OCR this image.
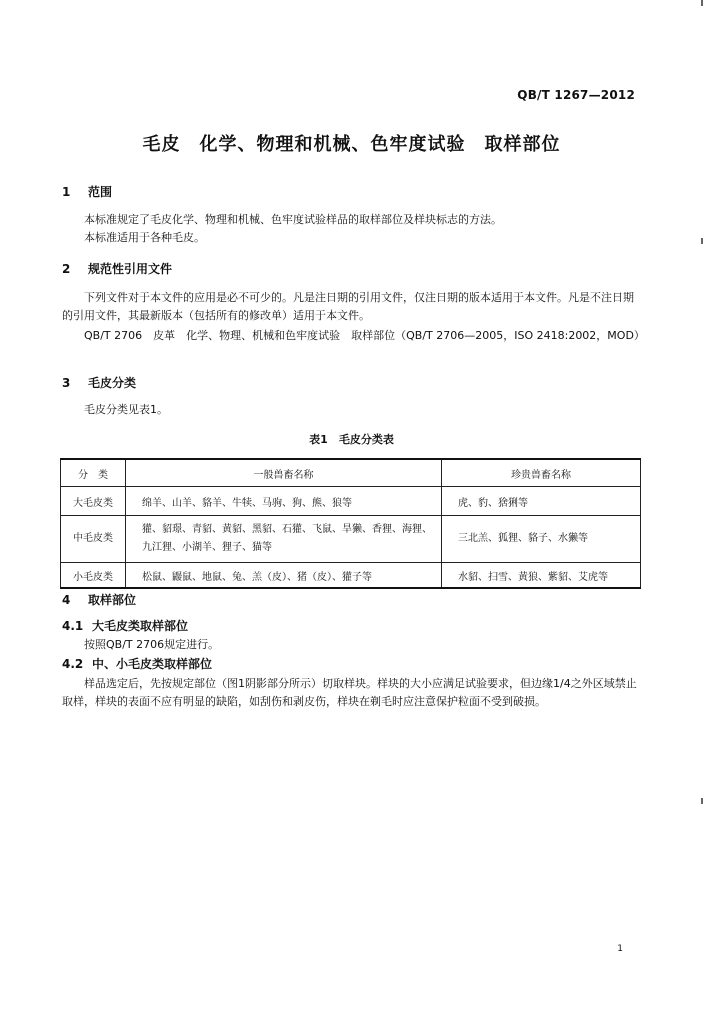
QB/T 1267—2012
毛皮　化学、物理和机械、色牢度试验　取样部位
1 范围
本标准规定了毛皮化学、物理和机械、色牢度试验样品的取样部位及样块标志的方法。
本标准适用于各种毛皮。
2 规范性引用文件
下列文件对于本文件的应用是必不可少的。凡是注日期的引用文件，仅注日期的版本适用于本文件。凡是不注日期的引用文件，其最新版本（包括所有的修改单）适用于本文件。
QB/T 2706　皮革　化学、物理、机械和色牢度试验　取样部位（QB/T 2706—2005，ISO 2418:2002，MOD）
3 毛皮分类
毛皮分类见表1。
表1　毛皮分类表
分　类	一般兽畜名称	珍贵兽畜名称
大毛皮类	绵羊、山羊、貉羊、牛犊、马驹、狗、熊、狼等	虎、豹、猞猁等
中毛皮类	獾、貂璟、青貂、黄貂、黑貂、石獾、飞鼠、旱獭、香狸、海狸、九江狸、小湖羊、狸子、猫等	三北羔、狐狸、貉子、水獭等
小毛皮类	松鼠、鼹鼠、地鼠、兔、羔（皮）、猪（皮）、獾子等	水貂、扫雪、黄狼、紫貂、艾虎等
4 取样部位
4.1 大毛皮类取样部位
按照QB/T 2706规定进行。
4.2 中、小毛皮类取样部位
样品选定后，先按规定部位（图1阴影部分所示）切取样块。样块的大小应满足试验要求，但边缘1/4之外区域禁止取样，样块的表面不应有明显的缺陷，如刮伤和剥皮伤，样块在剃毛时应注意保护粒面不受到破损。
1
